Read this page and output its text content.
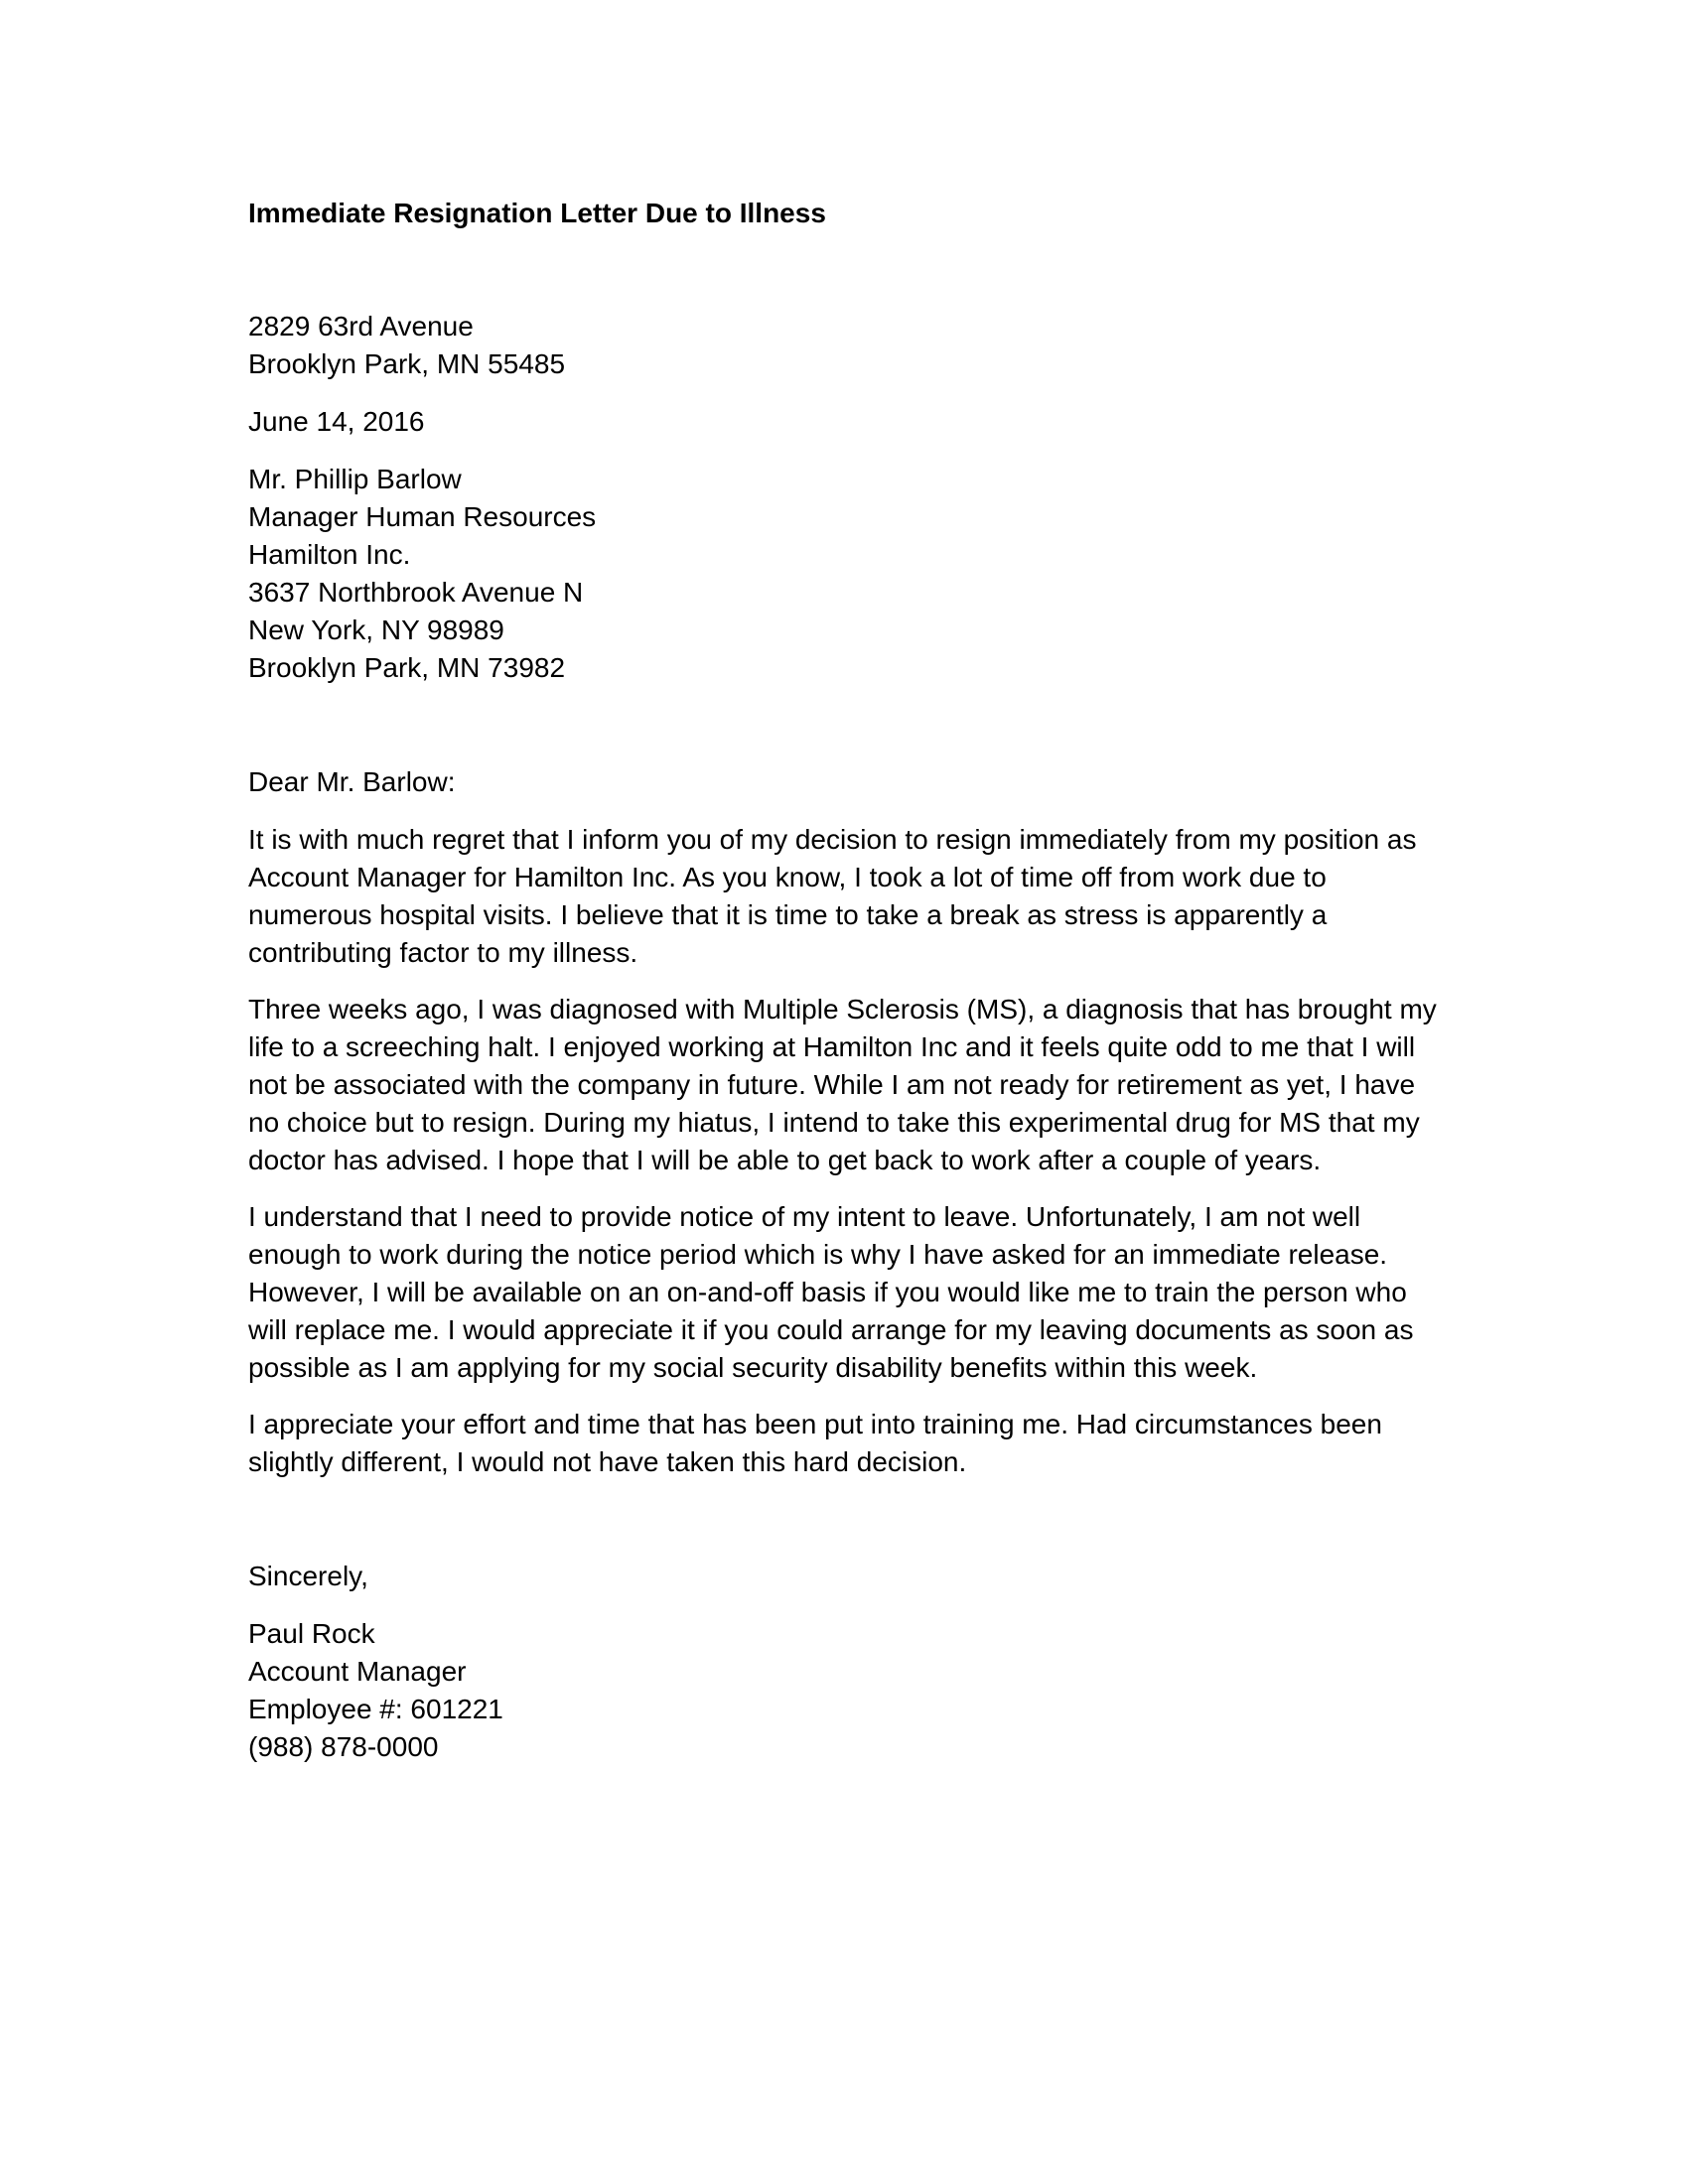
Immediate Resignation Letter Due to Illness
2829 63rd Avenue
Brooklyn Park, MN 55485
June 14, 2016
Mr. Phillip Barlow
Manager Human Resources
Hamilton Inc.
3637 Northbrook Avenue N
New York, NY 98989
Brooklyn Park, MN 73982
Dear Mr. Barlow:
It is with much regret that I inform you of my decision to resign immediately from my position as
Account Manager for Hamilton Inc. As you know, I took a lot of time off from work due to
numerous hospital visits. I believe that it is time to take a break as stress is apparently a
contributing factor to my illness.
Three weeks ago, I was diagnosed with Multiple Sclerosis (MS), a diagnosis that has brought my
life to a screeching halt. I enjoyed working at Hamilton Inc and it feels quite odd to me that I will
not be associated with the company in future. While I am not ready for retirement as yet, I have
no choice but to resign. During my hiatus, I intend to take this experimental drug for MS that my
doctor has advised. I hope that I will be able to get back to work after a couple of years.
I understand that I need to provide notice of my intent to leave. Unfortunately, I am not well
enough to work during the notice period which is why I have asked for an immediate release.
However, I will be available on an on-and-off basis if you would like me to train the person who
will replace me. I would appreciate it if you could arrange for my leaving documents as soon as
possible as I am applying for my social security disability benefits within this week.
I appreciate your effort and time that has been put into training me. Had circumstances been
slightly different, I would not have taken this hard decision.
Sincerely,
Paul Rock
Account Manager
Employee #: 601221
(988) 878-0000
